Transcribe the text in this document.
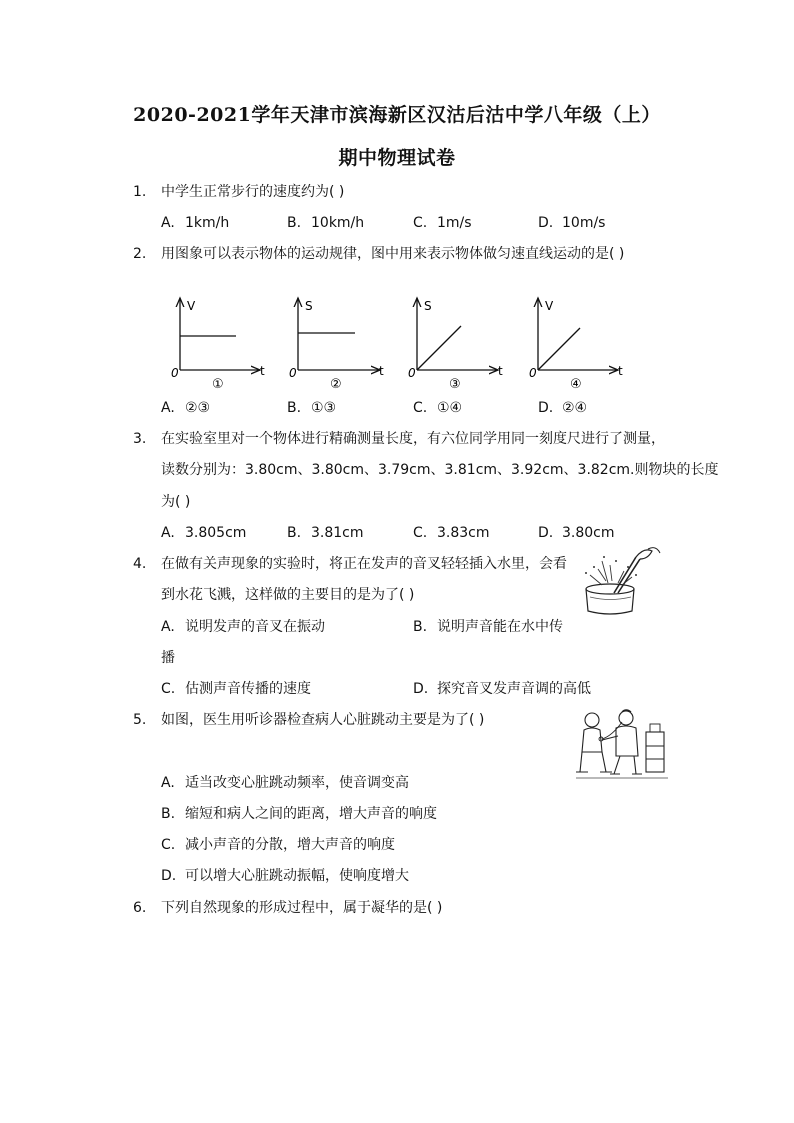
2020-2021学年天津市滨海新区汉沽后沽中学八年级（上）
期中物理试卷
1.	中学生正常步行的速度约为( )
A. 1km/h	B. 10km/h	C. 1m/s	D. 10m/s
2.	用图象可以表示物体的运动规律，图中用来表示物体做匀速直线运动的是( )
V
t
0
①
S
t
0
②
S
t
0
③
V
t
0
④
A. ②③	B. ①③	C. ①④	D. ②④
3.	在实验室里对一个物体进行精确测量长度，有六位同学用同一刻度尺进行了测量，
读数分别为：3.80cm、3.80cm、3.79cm、3.81cm、3.92cm、3.82cm.则物块的长度
为( )
A. 3.805cm	B. 3.81cm	C. 3.83cm	D. 3.80cm
4.	在做有关声现象的实验时，将正在发声的音叉轻轻插入水里，会看
到水花飞溅，这样做的主要目的是为了( )
A. 说明发声的音叉在振动	B. 说明声音能在水中传
播
C. 估测声音传播的速度	D. 探究音叉发声音调的高低
5.	如图，医生用听诊器检查病人心脏跳动主要是为了( )
A. 适当改变心脏跳动频率，使音调变高
B. 缩短和病人之间的距离，增大声音的响度
C. 减小声音的分散，增大声音的响度
D. 可以增大心脏跳动振幅，使响度增大
6.	下列自然现象的形成过程中，属于凝华的是( )
